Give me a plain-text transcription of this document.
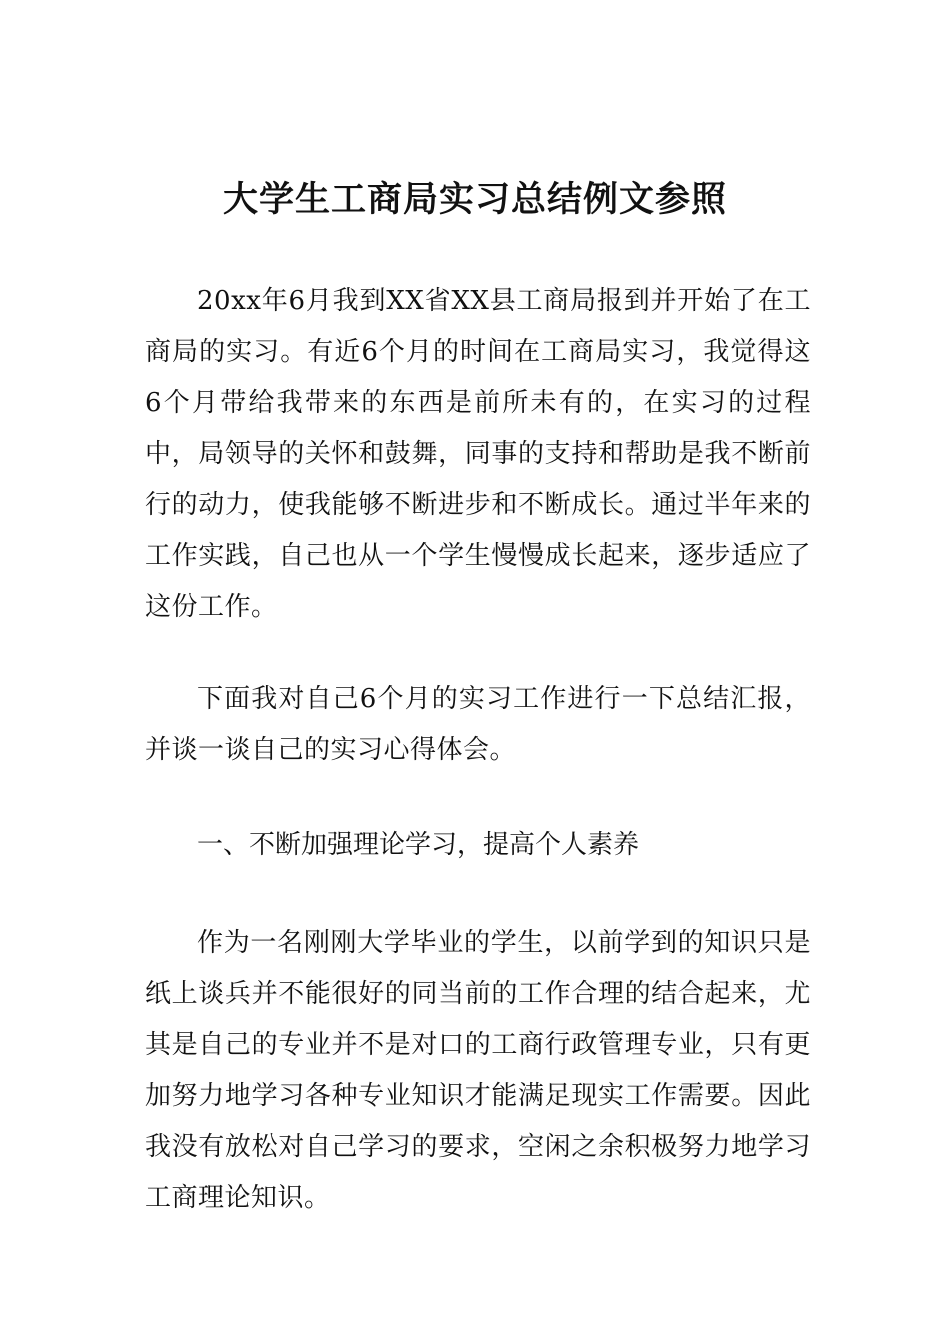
大学生工商局实习总结例文参照

20xx年6月我到XX省XX县工商局报到并开始了在工商局的实习。有近6个月的时间在工商局实习，我觉得这6个月带给我带来的东西是前所未有的，在实习的过程中，局领导的关怀和鼓舞，同事的支持和帮助是我不断前行的动力，使我能够不断进步和不断成长。通过半年来的工作实践，自己也从一个学生慢慢成长起来，逐步适应了这份工作。

下面我对自己6个月的实习工作进行一下总结汇报，并谈一谈自己的实习心得体会。

一、不断加强理论学习，提高个人素养

作为一名刚刚大学毕业的学生，以前学到的知识只是纸上谈兵并不能很好的同当前的工作合理的结合起来，尤其是自己的专业并不是对口的工商行政管理专业，只有更加努力地学习各种专业知识才能满足现实工作需要。因此我没有放松对自己学习的要求，空闲之余积极努力地学习工商理论知识。
